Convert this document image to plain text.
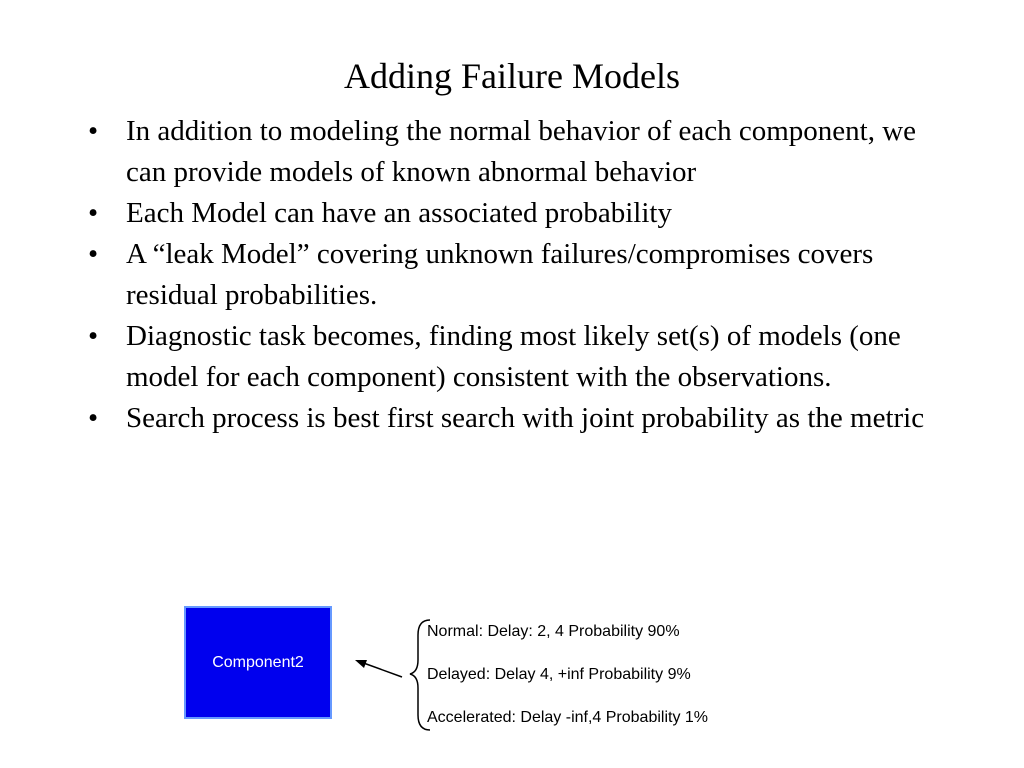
Adding Failure Models
• In addition to modeling the normal behavior of each component, we can provide models of known abnormal behavior
• Each Model can have an associated probability
• A “leak Model” covering unknown failures/compromises covers residual probabilities.
• Diagnostic task becomes, finding most likely set(s) of models (one model for each component) consistent with the observations.
• Search process is best first search with joint probability as the metric
Component2
Normal: Delay: 2, 4 Probability 90%
Delayed: Delay 4, +inf Probability 9%
Accelerated: Delay -inf,4 Probability 1%
